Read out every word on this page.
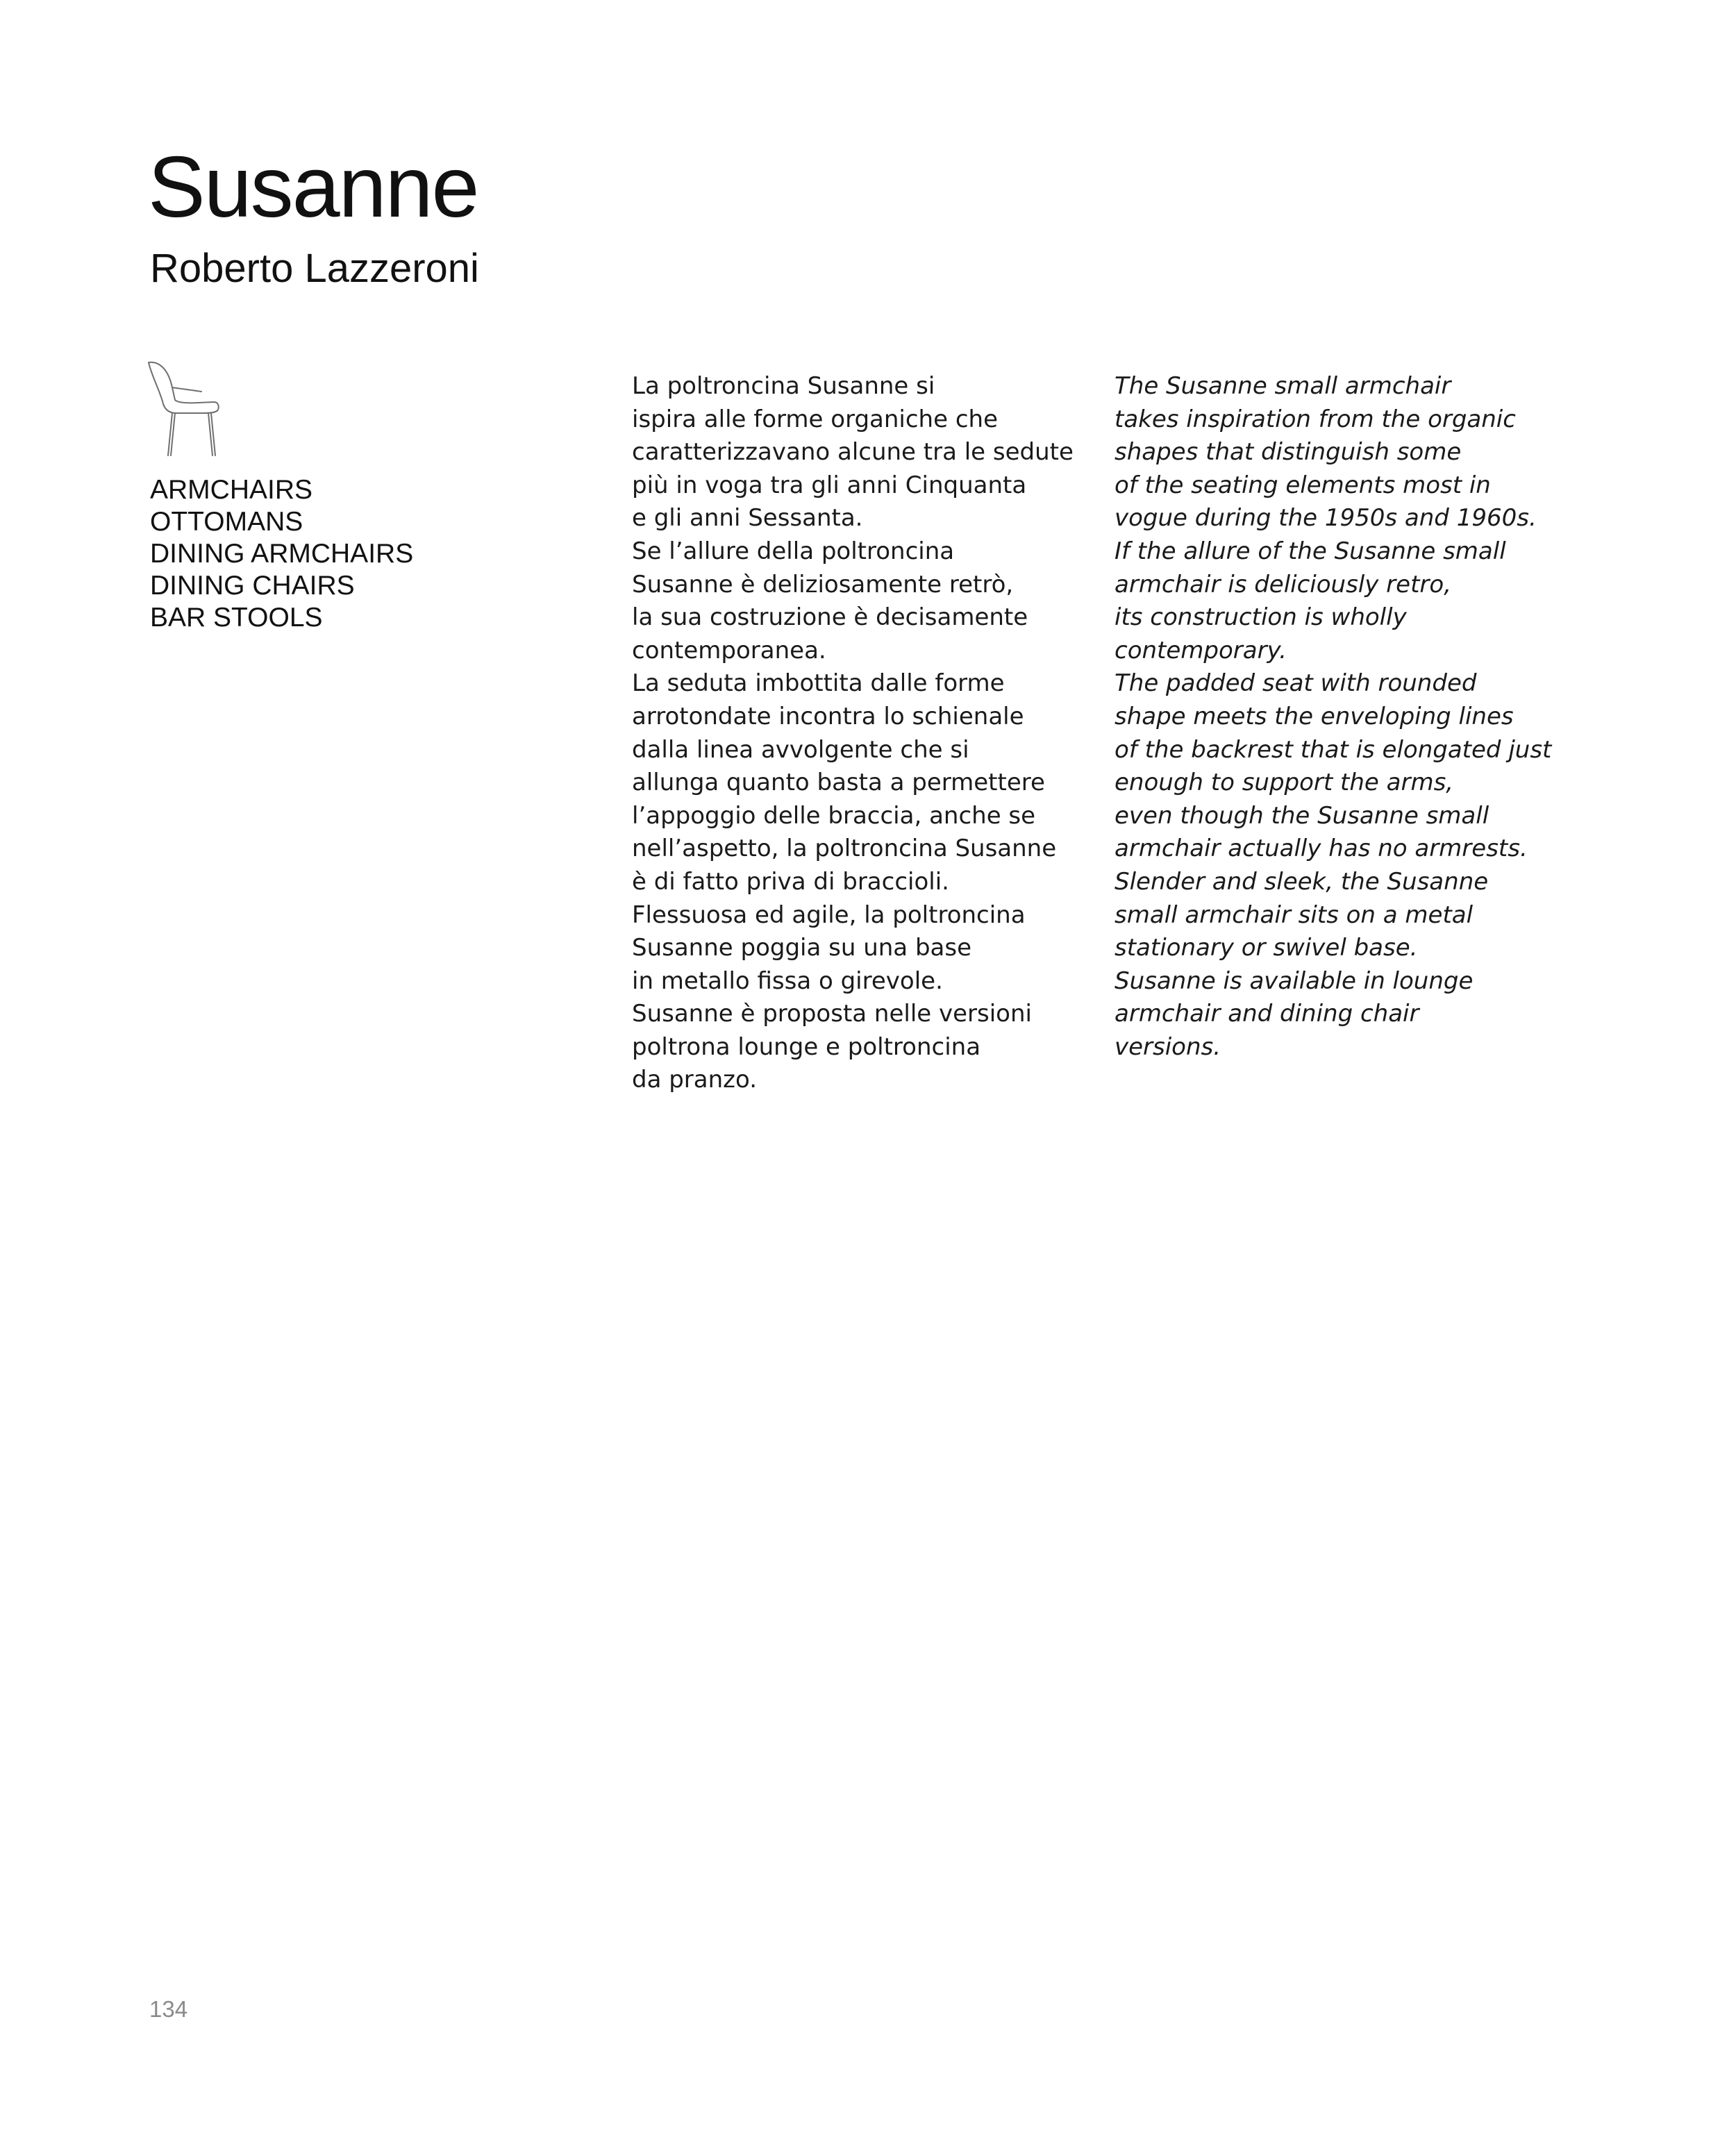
Susanne
Roberto Lazzeroni
ARMCHAIRS
OTTOMANS
DINING ARMCHAIRS
DINING CHAIRS
BAR STOOLS
La poltroncina Susanne si
ispira alle forme organiche che
caratterizzavano alcune tra le sedute
più in voga tra gli anni Cinquanta
e gli anni Sessanta.
Se l’allure della poltroncina
Susanne è deliziosamente retrò,
la sua costruzione è decisamente
contemporanea.
La seduta imbottita dalle forme
arrotondate incontra lo schienale
dalla linea avvolgente che si
allunga quanto basta a permettere
l’appoggio delle braccia, anche se
nell’aspetto, la poltroncina Susanne
è di fatto priva di braccioli.
Flessuosa ed agile, la poltroncina
Susanne poggia su una base
in metallo fissa o girevole.
Susanne è proposta nelle versioni
poltrona lounge e poltroncina
da pranzo.
The Susanne small armchair
takes inspiration from the organic
shapes that distinguish some
of the seating elements most in
vogue during the 1950s and 1960s.
If the allure of the Susanne small
armchair is deliciously retro,
its construction is wholly
contemporary.
The padded seat with rounded
shape meets the enveloping lines
of the backrest that is elongated just
enough to support the arms,
even though the Susanne small
armchair actually has no armrests.
Slender and sleek, the Susanne
small armchair sits on a metal
stationary or swivel base.
Susanne is available in lounge
armchair and dining chair
versions.
134
